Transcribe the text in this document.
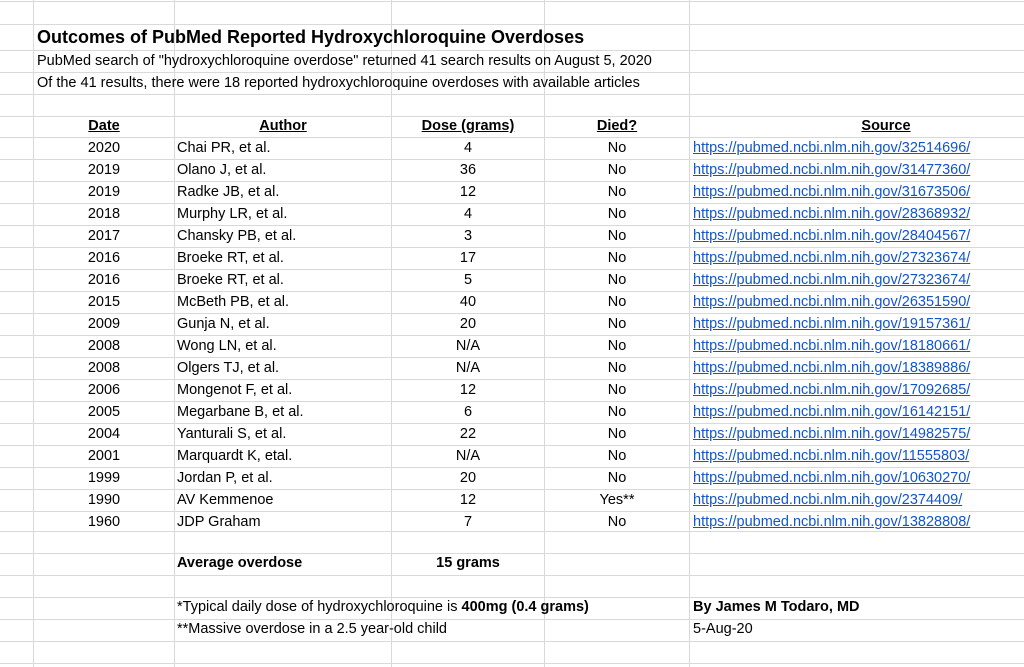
Outcomes of PubMed Reported Hydroxychloroquine Overdoses
PubMed search of "hydroxychloroquine overdose" returned 41 search results on August 5, 2020
Of the 41 results, there were 18 reported hydroxychloroquine overdoses with available articles
Date	Author	Dose (grams)	Died?	Source
2020	Chai PR, et al.	4	No	https://pubmed.ncbi.nlm.nih.gov/32514696/
2019	Olano J, et al.	36	No	https://pubmed.ncbi.nlm.nih.gov/31477360/
2019	Radke JB, et al.	12	No	https://pubmed.ncbi.nlm.nih.gov/31673506/
2018	Murphy LR, et al.	4	No	https://pubmed.ncbi.nlm.nih.gov/28368932/
2017	Chansky PB, et al.	3	No	https://pubmed.ncbi.nlm.nih.gov/28404567/
2016	Broeke RT, et al.	17	No	https://pubmed.ncbi.nlm.nih.gov/27323674/
2016	Broeke RT, et al.	5	No	https://pubmed.ncbi.nlm.nih.gov/27323674/
2015	McBeth PB, et al.	40	No	https://pubmed.ncbi.nlm.nih.gov/26351590/
2009	Gunja N, et al.	20	No	https://pubmed.ncbi.nlm.nih.gov/19157361/
2008	Wong LN, et al.	N/A	No	https://pubmed.ncbi.nlm.nih.gov/18180661/
2008	Olgers TJ, et al.	N/A	No	https://pubmed.ncbi.nlm.nih.gov/18389886/
2006	Mongenot F, et al.	12	No	https://pubmed.ncbi.nlm.nih.gov/17092685/
2005	Megarbane B, et al.	6	No	https://pubmed.ncbi.nlm.nih.gov/16142151/
2004	Yanturali S, et al.	22	No	https://pubmed.ncbi.nlm.nih.gov/14982575/
2001	Marquardt K, etal.	N/A	No	https://pubmed.ncbi.nlm.nih.gov/11555803/
1999	Jordan P, et al.	20	No	https://pubmed.ncbi.nlm.nih.gov/10630270/
1990	AV Kemmenoe	12	Yes**	https://pubmed.ncbi.nlm.nih.gov/2374409/
1960	JDP Graham	7	No	https://pubmed.ncbi.nlm.nih.gov/13828808/
Average overdose	15 grams
*Typical daily dose of hydroxychloroquine is 400mg (0.4 grams)
**Massive overdose in a 2.5 year-old child
By James M Todaro, MD
5-Aug-20
